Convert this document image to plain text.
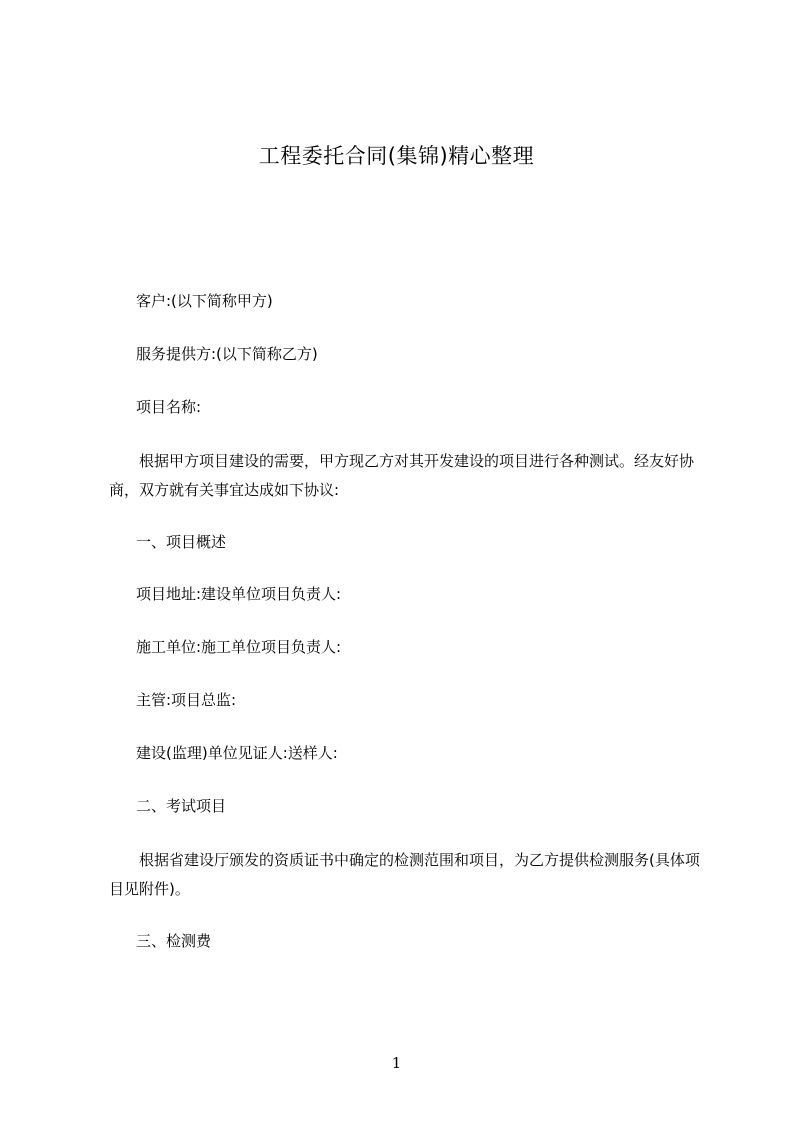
工程委托合同(集锦)精心整理
客户:(以下简称甲方)
服务提供方:(以下简称乙方)
项目名称:
根据甲方项目建设的需要，甲方现乙方对其开发建设的项目进行各种测试。经友好协商，双方就有关事宜达成如下协议:
一、项目概述
项目地址:建设单位项目负责人:
施工单位:施工单位项目负责人:
主管:项目总监:
建设(监理)单位见证人:送样人:
二、考试项目
根据省建设厅颁发的资质证书中确定的检测范围和项目，为乙方提供检测服务(具体项目见附件)。
三、检测费
1
